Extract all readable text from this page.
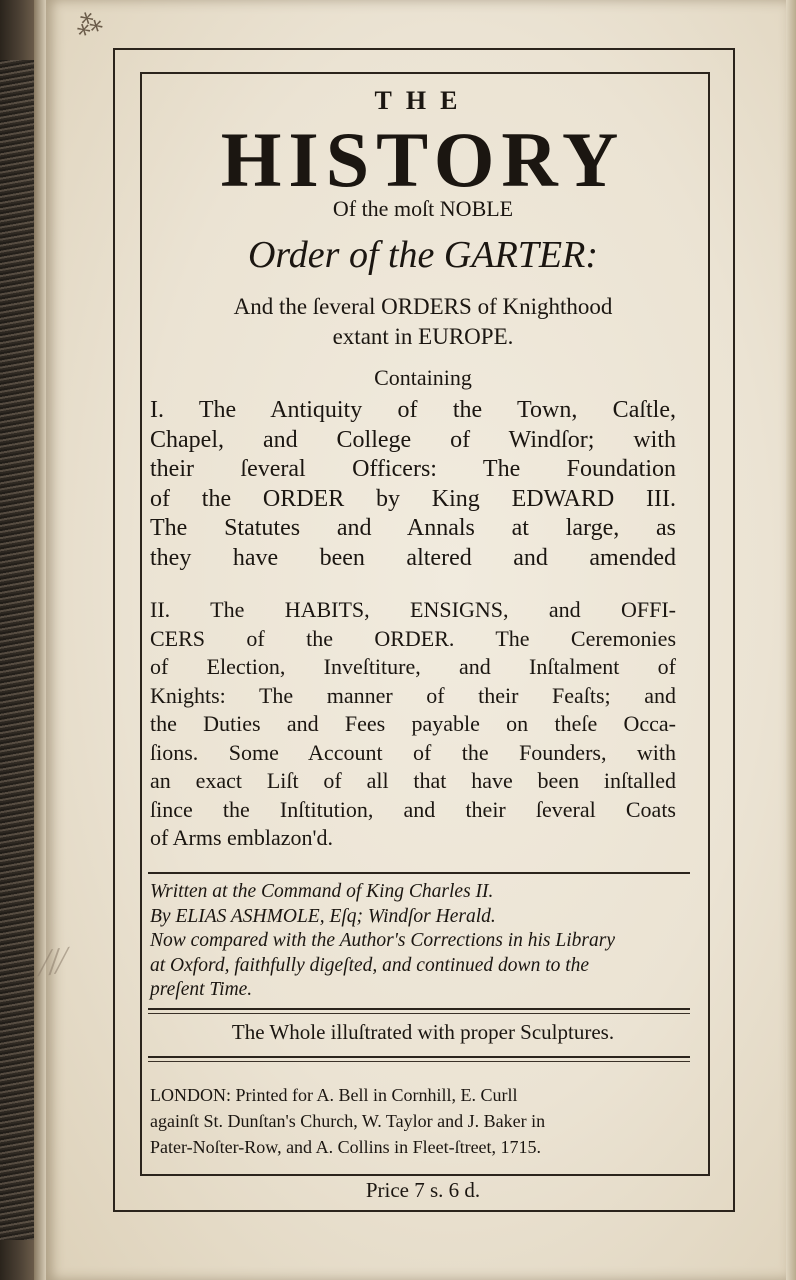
⁂
⁄/⁄
THE
HISTORY
Of the moſt NOBLE
Order of the GARTER:
And the ſeveral ORDERS of Knighthood
extant in EUROPE.
Containing
I. The Antiquity of the Town, Caſtle,
Chapel, and College of Windſor; with
their ſeveral Officers: The Foundation
of the ORDER by King EDWARD III.
The Statutes and Annals at large, as
they have been altered and amended
II. The HABITS, ENSIGNS, and OFFI-
CERS of the ORDER. The Ceremonies
of Election, Inveſtiture, and Inſtalment of
Knights: The manner of their Feaſts; and
the Duties and Fees payable on theſe Occa-
ſions. Some Account of the Founders, with
an exact Liſt of all that have been inſtalled
ſince the Inſtitution, and their ſeveral Coats
of Arms emblazon'd.
Written at the Command of King Charles II.
By ELIAS ASHMOLE, Eſq; Windſor Herald.
Now compared with the Author's Corrections in his Library
at Oxford, faithfully digeſted, and continued down to the
preſent Time.
The Whole illuſtrated with proper Sculptures.
LONDON: Printed for A. Bell in Cornhill, E. Curll
againſt St. Dunſtan's Church, W. Taylor and J. Baker in
Pater-Noſter-Row, and A. Collins in Fleet-ſtreet, 1715.
Price 7 s. 6 d.
